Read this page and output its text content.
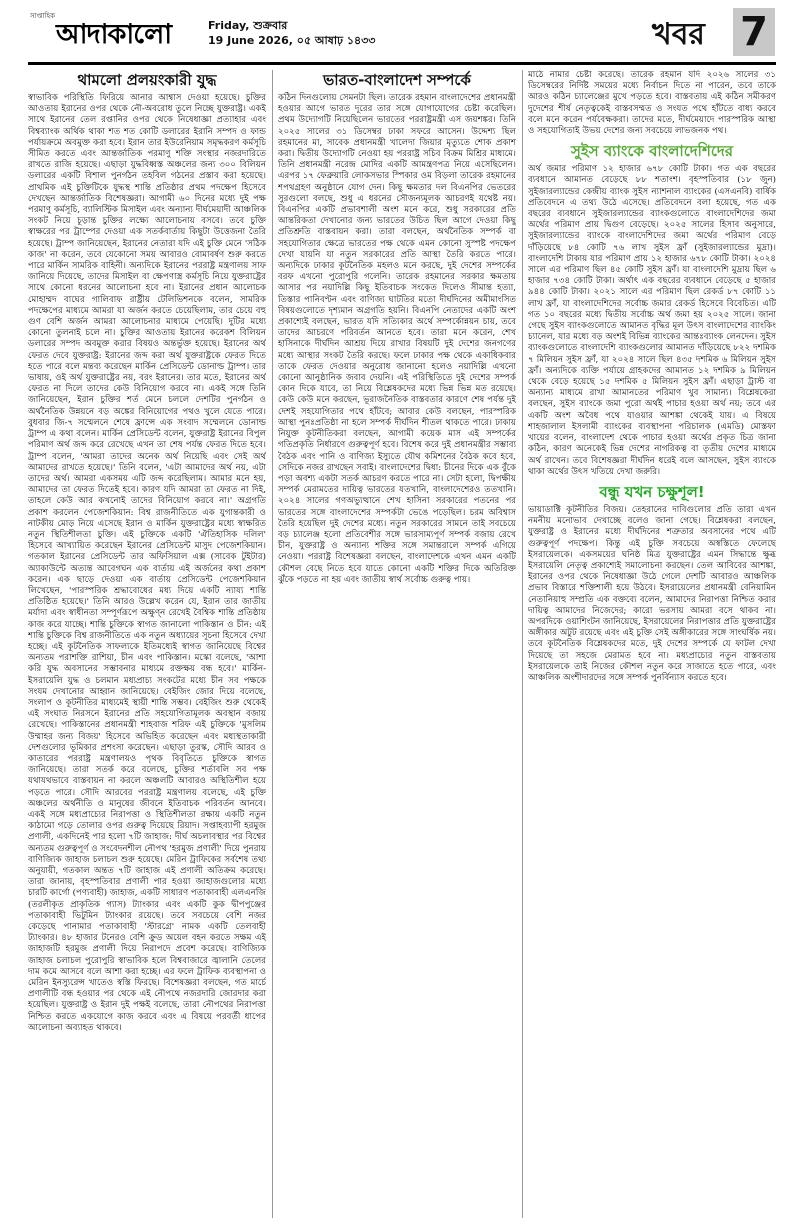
সাপ্তাহিক
আদাকালো	Friday, শুক্রবার
19 June 2026, ০৫ আষাঢ় ১৪৩৩	খবর 7
থামলো প্রলয়ংকারী যুদ্ধ

স্বাভাবিক পরিস্থিতি ফিরিয়ে আনার আশ্বাস দেওয়া হয়েছে। চুক্তির আওতায় ইরানের ওপর থেকে নৌ-অবরোধ তুলে নিচ্ছে যুক্তরাষ্ট্র। একই সাথে ইরানের তেল রপ্তানির ওপর থেকে নিষেধাজ্ঞা প্রত্যাহার এবং বিশ্বব্যাংক অর্থিক থাকা শত শত কোটি ডলারের ইরানি সম্পদ ও ফান্ড পর্যায়ক্রমে অবমুক্ত করা হবে। ইরান তার ইউরেনিয়াম সমৃদ্ধকরণ কর্মসূচি সীমিত করতে এবং আন্তর্জাতিক পরমাণু শক্তি সংস্থার নজরদারিতে রাখতে রাজি হয়েছে। এছাড়া যুদ্ধবিধ্বস্ত অঞ্চলের জন্য ৩০০ বিলিয়ন ডলারের একটি বিশাল পুনর্গঠন তহবিল গঠনের প্রস্তাব করা হয়েছে। প্রাথমিক এই চুক্তিটিকে যুদ্ধস্থ শান্তি প্রতিষ্ঠার প্রথম পদক্ষেপ হিসেবে দেখছেন আন্তর্জাতিক বিশেষজ্ঞরা। আগামী ৬০ দিনের মধ্যে দুই পক্ষ পরমাণু কর্মসূচি, ব্যালিস্টিক মিসাইল এবং অন্যান্য দীর্ঘমেয়াদী আঞ্চলিক সংকট নিয়ে চূড়ান্ত চুক্তির লক্ষ্যে আলোচনায় বসবে। তবে চুক্তি স্বাক্ষরের পর ট্রাম্পের দেওয়া এক সতর্কবার্তায় কিছুটা উত্তেজনা তৈরি হয়েছে। ট্রাম্প জানিয়েছেন, ইরানের নেতারা যদি এই চুক্তি মেনে 'সঠিক কাজ' না করেন, তবে যেকোনো সময় আবারও বোমাবর্ষণ শুরু করতে পারে মার্কিন সামরিক বাহিনী। অন্যদিকে ইরানের পররাষ্ট্র মন্ত্রণালয় সাফ জানিয়ে দিয়েছে, তাদের মিসাইল বা ক্ষেপণাস্ত্র কর্মসূচি নিয়ে যুক্তরাষ্ট্রের সাথে কোনো ধরনের আলোচনা হবে না। ইরানের প্রধান আলোচক মোহাম্মদ বাঘের গালিবাফ রাষ্ট্রীয় টেলিভিশনকে বলেন, সামরিক পদক্ষেপের মাধ্যমে আমরা যা অর্জন করতে চেয়েছিলাম, তার চেয়ে বহু গুণ বেশি অর্জন আমরা আলোচনার মাধ্যমে পেয়েছি। দুটির মধ্যে কোনো তুলনাই চলে না। চুক্তির আওতায় ইরানের করেকশ বিলিয়ন ডলারের সম্পদ অবমুক্ত করার বিষয়ও অন্তর্ভুক্ত হয়েছে। ইরানের অর্থ ফেরত দেবে যুক্তরাষ্ট্র: ইরানের জব্দ করা অর্থ যুক্তরাষ্ট্রকে ফেরত দিতে হতে পারে বলে মন্তব্য করেছেন মার্কিন প্রেসিডেন্ট ডোনাল্ড ট্রাম্প। তার ভাষায়, ওই অর্থ যুক্তরাষ্ট্রের নয়, বরং ইরানের। তার মতে, ইরানের অর্থ ফেরত না দিলে তাদের কেউ বিনিয়োগ করবে না। একই সঙ্গে তিনি জানিয়েছেন, ইরান চুক্তির শর্ত মেনে চললে দেশটির পুনর্গঠন ও অর্থনৈতিক উন্নয়নে বড় অঙ্কের বিনিয়োগের পথও খুলে যেতে পারে। বুধবার জি-৭ সম্মেলনে শেষে ফ্রান্সে এক সংবাদ সম্মেলনে ডোনাল্ড ট্রাম্প এ কথা বলেন। মার্কিন প্রেসিডেন্ট বলেন, যুক্তরাষ্ট্র ইরানের বিপুল পরিমাণ অর্থ জব্দ করে রেখেছে এখন তা শেষ পর্যন্ত ফেরত দিতে হবে। ট্রাম্প বলেন, 'আমরা তাদের অনেক অর্থ নিয়েছি এবং সেই অর্থ আমাদের রাখতে হয়েছে।' তিনি বলেন, 'এটা আমাদের অর্থ নয়, এটা তাদের অর্থ। আমরা একসময় এটি জব্দ করেছিলাম। আমার মনে হয়, আমাদের তা ফেরত দিতেই হবে। কারণ যদি আমরা তা ফেরত না দিই, তাহলে কেউ আর কখনোই তাদের বিনিয়োগ করবে না।' অগ্রগতি প্রকাশ করলেন পেজেশকিয়ান: বিশ্ব রাজনীতিতে এক যুগান্তকারী ও নাটকীয় মোড় নিয়ে এসেছে ইরান ও মার্কিন যুক্তরাষ্ট্রের মধ্যে স্বাক্ষরিত নতুন স্থিতিশীলতা চুক্তি। এই চুক্তিকে একটি 'ঐতিহাসিক দলিল' হিসেবে আখ্যায়িত করেছেন ইরানের প্রেসিডেন্ট মাসুদ পেজেশকিয়ান। গতকাল ইরানের প্রেসিডেন্ট তার অফিসিয়াল এক্স (সাবেক টুইটার) অ্যাকাউন্টে অত্যন্ত আবেগঘন এক বার্তায় এই অর্জনের কথা প্রকাশ করেন। এক ছাড়ে দেওয়া এক বার্তায় প্রেসিডেন্ট পেজেশকিয়ান লিখেছেন, 'পারস্পরিক শ্রদ্ধাবোধের মধ্য দিয়ে একটি ন্যায্য শান্তি প্রতিষ্ঠিত হয়েছে।' তিনি আরও উল্লেখ করেন যে, ইরান তার জাতীয় মর্যাদা এবং স্বাধীনতা সম্পূর্ণরূপে অক্ষুণ্ন রেখেই বৈশ্বিক শান্তি প্রতিষ্ঠায় কাজ করে যাচ্ছে। শান্তি চুক্তিকে স্বাগত জানালো পাকিস্তান ও চীন: এই শান্তি চুক্তিকে বিশ্ব রাজনীতিতে এক নতুন অধ্যায়ের সূচনা হিসেবে দেখা হচ্ছে। এই কূটনৈতিক সাফল্যকে ইতিমধ্যেই স্বাগত জানিয়েছে বিশ্বের অন্যতম পরাশক্তি রাশিয়া, চীন এবং পাকিস্তান। মস্কো বলেছে, 'আশা করি যুদ্ধ অবসানের সম্ভাবনার মাধ্যমে রক্তক্ষয় বন্ধ হবে।' মার্কিন-ইসরায়েলি যুদ্ধ ও চলমান মধ্যপ্রাচ্য সংকটের মধ্যে চীন সব পক্ষকে সংযম দেখানোর আহ্বান জানিয়েছে। বেইজিং জোর দিয়ে বলেছে, সংলাপ ও কূটনীতির মাধ্যমেই স্থায়ী শান্তি সম্ভব। বেইজিং শুরু থেকেই এই সংঘাত নিরসনে ইরানের প্রতি সহযোগিতামূলক অবস্থান বজায় রেখেছে। পাকিস্তানের প্রধানমন্ত্রী শাহবাজ শরিফ এই চুক্তিকে 'মুসলিম উম্মাহর জন্য বিজয়' হিসেবে অভিহিত করেছেন এবং মধ্যস্থতাকারী দেশগুলোর ভূমিকার প্রশংসা করেছেন। এছাড়া তুরস্ক, সৌদি আরব ও কাতারের পররাষ্ট্র মন্ত্রণালয়ও পৃথক বিবৃতিতে চুক্তিকে স্বাগত জানিয়েছে। তারা সতর্ক করে বলেছে, চুক্তির শর্তাবলি সব পক্ষ যথাযথভাবে বাস্তবায়ন না করলে অঞ্চলটি আবারও অস্থিতিশীল হয়ে পড়তে পারে। সৌদি আরবের পররাষ্ট্র মন্ত্রণালয় বলেছে, এই চুক্তি অঞ্চলের অর্থনীতি ও মানুষের জীবনে ইতিবাচক পরিবর্তন আনবে। একই সঙ্গে মধ্যপ্রাচ্যের নিরাপত্তা ও স্থিতিশীলতা রক্ষায় একটি নতুন কাঠামো গড়ে তোলার ওপর গুরুত্ব দিয়েছে রিয়াদ। সপ্তাহব্যাপী হরমুজ প্রণালী, একদিনেই পার হলো ৭টি জাহাজ: দীর্ঘ অচলাবস্থার পর বিশ্বের অন্যতম গুরুত্বপূর্ণ ও সংবেদনশীল নৌপথ 'হরমুজ প্রণালী' দিয়ে পুনরায় বাণিজ্যিক জাহাজ চলাচল শুরু হয়েছে। মেরিন ট্রাফিকের সর্বশেষ তথ্য অনুযায়ী, গতকাল অন্তত ৭টি জাহাজ এই প্রণালী অতিক্রম করেছে। তারা জানায়, বৃহস্পতিবার প্রণালী পার হওয়া জাহাজগুলোর মধ্যে চারটি কার্গো (পণ্যবাহী) জাহাজ, একটি সাধারণ পতাকাবাহী এলএনজি (তরলীকৃত প্রাকৃতিক গ্যাস) ট্যাংকার এবং একটি কুক দ্বীপপুঞ্জের পতাকাবাহী ভিটুমিন ট্যাংকার রয়েছে। তবে সবচেয়ে বেশি নজর কেড়েছে পানামার পতাকাবাহী 'স্টারগ্রে' নামক একটি তেলবাহী ট্যাংকার। ৪৮ হাজার টনেরও বেশি ক্রুড অয়েল বহন করতে সক্ষম এই জাহাজটি হরমুজ প্রণালী দিয়ে নিরাপদে প্রবেশ করেছে। বাণিজ্যিক জাহাজ চলাচল পুরোপুরি স্বাভাবিক হলে বিশ্ববাজারে জ্বালানি তেলের দাম কমে আসবে বলে আশা করা হচ্ছে। এর ফলে ট্রাফিক ব্যবস্থাপনা ও মেরিন ইনস্যুরেন্স খাতেও স্বস্তি ফিরছে। বিশেষজ্ঞরা বলছেন, গত মার্চে প্রণালীটি বন্ধ হওয়ার পর থেকে এই নৌপথে নজরদারি জোরদার করা হয়েছিল। যুক্তরাষ্ট্র ও ইরান দুই পক্ষই বলেছে, তারা নৌপথের নিরাপত্তা নিশ্চিত করতে একযোগে কাজ করবে এবং এ বিষয়ে পরবর্তী ধাপের আলোচনা অব্যাহত থাকবে।

ভারত-বাংলাদেশ সম্পর্কে

কঠিন দিনগুলোয় সেমনটা ছিল। তারেক রহমান বাংলাদেশের প্রধানমন্ত্রী হওয়ার আগে ভারত দূরের তার সঙ্গে যোগাযোগের চেষ্টা করেছিল। প্রথম উদ্যোগটি নিয়েছিলেন ভারতের পররাষ্ট্রমন্ত্রী এস জয়শঙ্কর। তিনি ২০২৫ সালের ৩১ ডিসেম্বর ঢাকা সফরে আসেন। উদ্দেশ্য ছিল রহমানের মা, সাবেক প্রধানমন্ত্রী খালেদা জিয়ার মৃত্যুতে শোক প্রকাশ করা। দ্বিতীয় উদ্যোগটি নেওয়া হয় পররাষ্ট্র সচিব বিক্রম মিশ্রির মাধ্যমে। তিনি প্রধানমন্ত্রী নরেন্দ্র মোদির একটি আমন্ত্রণপত্র নিয়ে এসেছিলেন। এরপর ১৭ ফেব্রুয়ারি লোকসভার স্পিকার ওম বিড়লা তারেক রহমানের শপথগ্রহণ অনুষ্ঠানে যোগ দেন। কিছু ক্ষমতার দল বিএনপির ভেতরের সুরগুলো বলছে, শুধু এ ধরনের সৌজন্যমূলক আচরণই যথেষ্ট নয়। বিএনপির একটি প্রভাবশালী অংশ মনে করে, শুধু সরকারের প্রতি আন্তরিকতা দেখানোর জন্য ভারতের উচিত ছিল আগে দেওয়া কিছু প্রতিশ্রুতি বাস্তবায়ন করা। তারা বলছেন, অর্থনৈতিক সম্পর্ক বা সহযোগিতার ক্ষেত্রে ভারতের পক্ষ থেকে এমন কোনো সুস্পষ্ট পদক্ষেপ দেখা যায়নি যা নতুন সরকারের প্রতি আস্থা তৈরি করতে পারে। অন্যদিকে ঢাকার কূটনৈতিক মহলও মনে করছে, দুই দেশের সম্পর্কের বরফ এখনো পুরোপুরি গলেনি। তারেক রহমানের সরকার ক্ষমতায় আসার পর নয়াদিল্লি কিছু ইতিবাচক সংকেত দিলেও সীমান্ত হত্যা, তিস্তার পানিবণ্টন এবং বাণিজ্য ঘাটতির মতো দীর্ঘদিনের অমীমাংসিত বিষয়গুলোতে দৃশ্যমান অগ্রগতি হয়নি। বিএনপি নেতাদের একটি অংশ প্রকাশ্যেই বলছেন, ভারত যদি সত্যিকার অর্থে সম্পর্কোন্নয়ন চায়, তবে তাদের আচরণে পরিবর্তন আনতে হবে। তারা মনে করেন, শেখ হাসিনাকে দীর্ঘদিন আশ্রয় দিয়ে রাখার বিষয়টি দুই দেশের জনগণের মধ্যে আস্থার সংকট তৈরি করছে। ফলে ঢাকার পক্ষ থেকে একাধিকবার তাকে ফেরত দেওয়ার অনুরোধ জানানো হলেও নয়াদিল্লি এখনো কোনো আনুষ্ঠানিক জবাব দেয়নি। এই পরিস্থিতিতে দুই দেশের সম্পর্ক কোন দিকে যাবে, তা নিয়ে বিশ্লেষকদের মধ্যে ভিন্ন ভিন্ন মত রয়েছে। কেউ কেউ মনে করছেন, ভূরাজনৈতিক বাস্তবতার কারণে শেষ পর্যন্ত দুই দেশই সহযোগিতার পথে হাঁটবে; আবার কেউ বলছেন, পারস্পরিক আস্থা পুনঃপ্রতিষ্ঠা না হলে সম্পর্ক দীর্ঘদিন শীতল থাকতে পারে। ঢাকায় নিযুক্ত কূটনীতিকরা বলছেন, আগামী কয়েক মাস এই সম্পর্কের গতিপ্রকৃতি নির্ধারণে গুরুত্বপূর্ণ হবে। বিশেষ করে দুই প্রধানমন্ত্রীর সম্ভাব্য বৈঠক এবং পানি ও বাণিজ্য ইস্যুতে যৌথ কমিশনের বৈঠক কবে হবে, সেদিকে নজর রাখছেন সবাই। বাংলাদেশের দ্বিধা: চীনের দিকে এক বুঁকে পড়া অবশ্য একটা সতর্ক আচরণ করতে পারে না। সেটা হলো, দ্বিপক্ষীয় সম্পর্ক মেরামতের দায়িত্ব ভারতের যতখানি, বাংলাদেশেরও ততখানি। ২০২৪ সালের গণঅভ্যুত্থানে শেখ হাসিনা সরকারের পতনের পর ভারতের সঙ্গে বাংলাদেশের সম্পর্কটা ভেঙে পড়েছিল। চরম অবিশ্বাস তৈরি হয়েছিল দুই দেশের মধ্যে। নতুন সরকারের সামনে তাই সবচেয়ে বড় চ্যালেঞ্জ হলো প্রতিবেশীর সঙ্গে ভারসাম্যপূর্ণ সম্পর্ক বজায় রেখে চীন, যুক্তরাষ্ট্র ও অন্যান্য শক্তির সঙ্গে সমান্তরালে সম্পর্ক এগিয়ে নেওয়া। পররাষ্ট্র বিশেষজ্ঞরা বলছেন, বাংলাদেশকে এখন এমন একটি কৌশল বেছে নিতে হবে যাতে কোনো একটি শক্তির দিকে অতিরিক্ত ঝুঁকে পড়তে না হয় এবং জাতীয় স্বার্থ সর্বোচ্চ গুরুত্ব পায়।

মাঠে নামার চেষ্টা করেছে। তারেক রহমান যদি ২০২৬ সালের ৩১ ডিসেম্বরের নির্দিষ্ট সময়ের মধ্যে নির্বাচন দিতে না পারেন, তবে তাকে আরও কঠিন চ্যালেঞ্জের মুখে পড়তে হবে। বাস্তবতায় এই কঠিন সমীকরণ দুদেশের শীর্ষ নেতৃত্বকেই বাস্তবসম্মত ও সংযত পথে হাঁটতে বাধ্য করবে বলে মনে করেন পর্যবেক্ষকরা। তাদের মতে, দীর্ঘমেয়াদে পারস্পরিক আস্থা ও সহযোগিতাই উভয় দেশের জন্য সবচেয়ে লাভজনক পথ।

সুইস ব্যাংকে বাংলাদেশিদের

অর্থ জমার পরিমাণ ১২ হাজার ৬৭৮ কোটি টাকা। গত এক বছরের ব্যবধানে আমানত বেড়েছে ৮৮ শতাংশ। বৃহস্পতিবার (১৮ জুন) সুইজারল্যান্ডের কেন্দ্রীয় ব্যাংক সুইস ন্যাশনাল ব্যাংকের (এসএনবি) বার্ষিক প্রতিবেদনে এ তথ্য উঠে এসেছে। প্রতিবেদনে বলা হয়েছে, গত এক বছরের ব্যবধানে সুইজারল্যান্ডের ব্যাংকগুলোতে বাংলাদেশিদের জমা অর্থের পরিমাণ প্রায় দ্বিগুণ বেড়েছে। ২০২৫ সালের হিসাব অনুসারে, সুইজারল্যান্ডের ব্যাংকে বাংলাদেশিদের জমা অর্থের পরিমাণ বেড়ে দাঁড়িয়েছে ৮৪ কোটি ৭৬ লাখ সুইস ফ্রাঁ (সুইজারল্যান্ডের মুদ্রা)। বাংলাদেশি টাকায় যার পরিমাণ প্রায় ১২ হাজার ৬৭৮ কোটি টাকা। ২০২৪ সালে এর পরিমাণ ছিল ৪৫ কোটি সুইস ফ্রাঁ। যা বাংলাদেশি মুদ্রায় ছিল ৬ হাজার ৭৩৪ কোটি টাকা। অর্থাৎ এক বছরের ব্যবধানে বেড়েছে ৫ হাজার ৯৪৪ কোটি টাকা। ২০২১ সালে এর পরিমাণ ছিল রেকর্ড ৮৭ কোটি ১১ লাখ ফ্রাঁ, যা বাংলাদেশিদের সর্বোচ্চ জমার রেকর্ড হিসেবে বিবেচিত। এটি গত ১০ বছরের মধ্যে দ্বিতীয় সর্বোচ্চ অর্থ জমা হয় ২০২৫ সালে। জানা গেছে সুইস ব্যাংকগুলোতে আমানত বৃদ্ধির মূল উৎস বাংলাদেশের ব্যাংকিং চ্যানেল, যার মধ্যে বড় অংশই বিভিন্ন ব্যাংকের আন্তঃব্যাংক লেনদেন। সুইস ব্যাংকগুলোতে বাংলাদেশি ব্যাংকগুলোর আমানত দাঁড়িয়েছে ৮২২ দশমিক ৭ মিলিয়ন সুইস ফ্রাঁ, যা ২০২৪ সালে ছিল ৪৩৫ দশমিক ৬ মিলিয়ন সুইস ফ্রাঁ। অন্যদিকে ব্যক্তি পর্যায়ে গ্রাহকদের আমানত ১২ দশমিক ৯ মিলিয়ন থেকে বেড়ে হয়েছে ১৫ দশমিক ৫ মিলিয়ন সুইস ফ্রাঁ। এছাড়া ট্রাস্ট বা অন্যান্য মাধ্যমে রাখা আমানতের পরিমাণ খুব সামান্য। বিশ্লেষকেরা বলছেন, সুইস ব্যাংকে জমা পুরো অর্থই পাচার হওয়া অর্থ নয়; তবে এর একটি অংশ অবৈধ পথে যাওয়ার আশঙ্কা থেকেই যায়। এ বিষয়ে শাহজালাল ইসলামী ব্যাংকের ব্যবস্থাপনা পরিচালক (এমডি) মোস্তফা খায়ের বলেন, বাংলাদেশ থেকে পাচার হওয়া অর্থের প্রকৃত চিত্র জানা কঠিন, কারণ অনেকেই ভিন্ন দেশের নাগরিকত্ব বা তৃতীয় দেশের মাধ্যমে অর্থ রাখেন। তবে বিশেষজ্ঞরা দীর্ঘদিন ধরেই বলে আসছেন, সুইস ব্যাংকে থাকা অর্থের উৎস খতিয়ে দেখা জরুরি।

বন্ধু যখন চক্ষুশূল!

ভায়াডাক্টি কূটনীতির বিজয়। তেহরানের দাবিগুলোর প্রতি তারা এখন নমনীয় মনোভাব দেখাচ্ছে বলেও জানা গেছে। বিশ্লেষকরা বলছেন, যুক্তরাষ্ট্র ও ইরানের মধ্যে দীর্ঘদিনের শত্রুতার অবসানের পথে এটি গুরুত্বপূর্ণ পদক্ষেপ। কিন্তু এই চুক্তি সবচেয়ে অস্বস্তিতে ফেলেছে ইসরায়েলকে। একসময়ের ঘনিষ্ঠ মিত্র যুক্তরাষ্ট্রের এমন সিদ্ধান্তে ক্ষুব্ধ ইসরায়েলি নেতৃত্ব প্রকাশ্যেই সমালোচনা করছেন। তেল আবিবের আশঙ্কা, ইরানের ওপর থেকে নিষেধাজ্ঞা উঠে গেলে দেশটি আবারও আঞ্চলিক প্রভাব বিস্তারে শক্তিশালী হয়ে উঠবে। ইসরায়েলের প্রধানমন্ত্রী বেনিয়ামিন নেতানিয়াহু সম্প্রতি এক বক্তব্যে বলেন, আমাদের নিরাপত্তা নিশ্চিত করার দায়িত্ব আমাদের নিজেদের; কারো ভরসায় আমরা বসে থাকব না। অপরদিকে ওয়াশিংটন জানিয়েছে, ইসরায়েলের নিরাপত্তার প্রতি যুক্তরাষ্ট্রের অঙ্গীকার অটুট রয়েছে এবং এই চুক্তি সেই অঙ্গীকারের সঙ্গে সাংঘর্ষিক নয়। তবে কূটনৈতিক বিশ্লেষকদের মতে, দুই দেশের সম্পর্কে যে ফাটল দেখা দিয়েছে তা সহজে মেরামত হবে না। মধ্যপ্রাচ্যের নতুন বাস্তবতায় ইসরায়েলকে তাই নিজের কৌশল নতুন করে সাজাতে হতে পারে, এবং আঞ্চলিক অংশীদারদের সঙ্গে সম্পর্ক পুনর্বিন্যাস করতে হবে।
